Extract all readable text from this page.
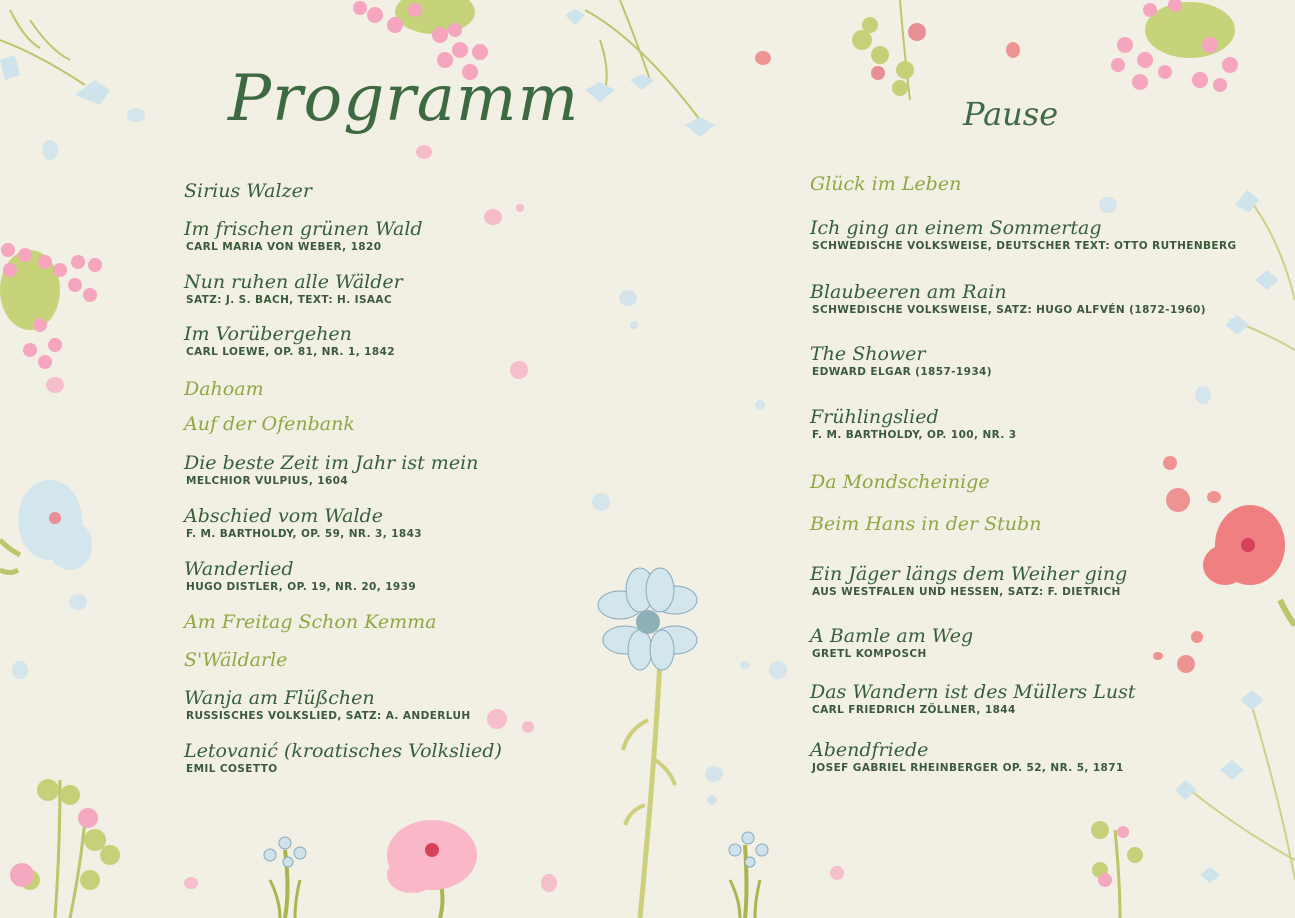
Programm	Pause
Sirius Walzer
Im frischen grünen Wald
CARL MARIA VON WEBER, 1820
Nun ruhen alle Wälder
SATZ: J. S. BACH, TEXT: H. ISAAC
Im Vorübergehen
CARL LOEWE, OP. 81, NR. 1, 1842
Dahoam
Auf der Ofenbank
Die beste Zeit im Jahr ist mein
MELCHIOR VULPIUS, 1604
Abschied vom Walde
F. M. BARTHOLDY, OP. 59, NR. 3, 1843
Wanderlied
HUGO DISTLER, OP. 19, NR. 20, 1939
Am Freitag Schon Kemma
S'Wäldarle
Wanja am Flüßchen
RUSSISCHES VOLKSLIED, SATZ: A. ANDERLUH
Letovanić (kroatisches Volkslied)
EMIL COSETTO
Glück im Leben
Ich ging an einem Sommertag
SCHWEDISCHE VOLKSWEISE, DEUTSCHER TEXT: OTTO RUTHENBERG
Blaubeeren am Rain
SCHWEDISCHE VOLKSWEISE, SATZ: HUGO ALFVÉN (1872-1960)
The Shower
EDWARD ELGAR (1857-1934)
Frühlingslied
F. M. BARTHOLDY, OP. 100, NR. 3
Da Mondscheinige
Beim Hans in der Stubn
Ein Jäger längs dem Weiher ging
AUS WESTFALEN UND HESSEN, SATZ: F. DIETRICH
A Bamle am Weg
GRETL KOMPOSCH
Das Wandern ist des Müllers Lust
CARL FRIEDRICH ZÖLLNER, 1844
Abendfriede
JOSEF GABRIEL RHEINBERGER OP. 52, NR. 5, 1871
